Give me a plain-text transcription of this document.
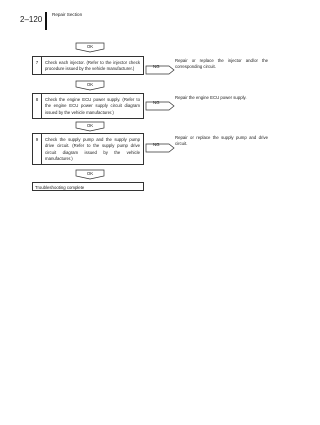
2–120
Repair Section
OK
7	Check each injector. (Refer to the injector check procedure issued by the vehicle manufacturer.)	NG
Repair or replace the injector and/or the corresponding circuit.
OK
8	Check the engine ECU power supply. (Refer to the engine ECU power supply circuit diagram issued by the vehicle manufacturer.)
NG
Repair the engine ECU power supply.
OK
9	Check the supply pump and the supply pump drive circuit. (Refer to the supply pump drive circuit diagram issued by the vehicle manufacturer.)
NG
Repair or replace the supply pump and drive circuit.
OK
Troubleshooting complete
